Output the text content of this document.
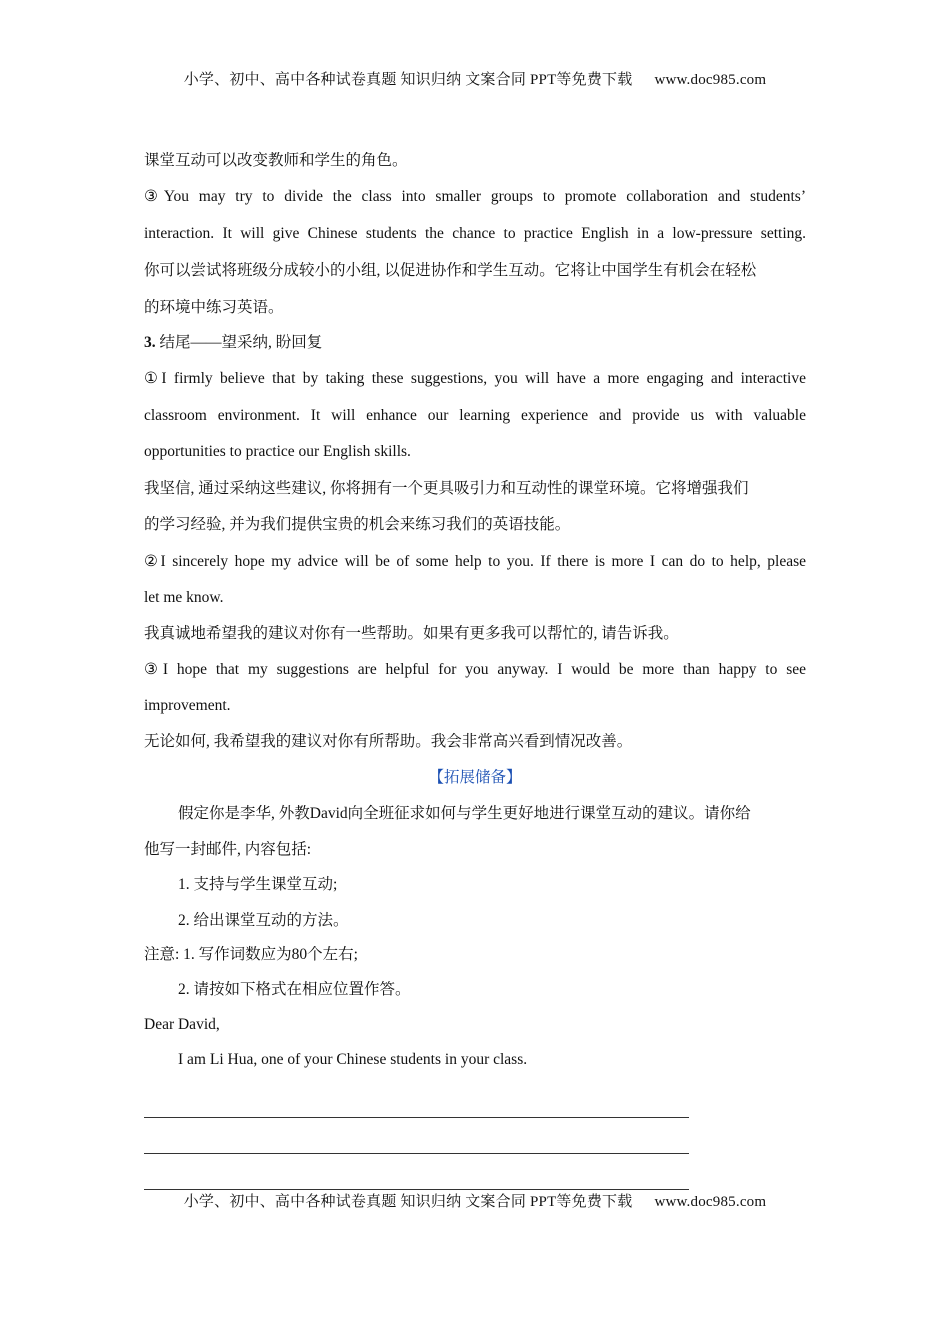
小学、初中、高中各种试卷真题 知识归纳 文案合同 PPT等免费下载 www.doc985.com
课堂互动可以改变教师和学生的角色。
③You may try to divide the class into smaller groups to promote collaboration and students’
interaction. It will give Chinese students the chance to practice English in a low-pressure setting.
你可以尝试将班级分成较小的小组, 以促进协作和学生互动。它将让中国学生有机会在轻松
的环境中练习英语。
3. 结尾——望采纳, 盼回复
①I firmly believe that by taking these suggestions, you will have a more engaging and interactive
classroom environment. It will enhance our learning experience and provide us with valuable
opportunities to practice our English skills.
我坚信, 通过采纳这些建议, 你将拥有一个更具吸引力和互动性的课堂环境。它将增强我们
的学习经验, 并为我们提供宝贵的机会来练习我们的英语技能。
②I sincerely hope my advice will be of some help to you. If there is more I can do to help, please
let me know.
我真诚地希望我的建议对你有一些帮助。如果有更多我可以帮忙的, 请告诉我。
③I hope that my suggestions are helpful for you anyway. I would be more than happy to see
improvement.
无论如何, 我希望我的建议对你有所帮助。我会非常高兴看到情况改善。
【拓展储备】
假定你是李华, 外教David向全班征求如何与学生更好地进行课堂互动的建议。请你给
他写一封邮件, 内容包括:
1. 支持与学生课堂互动;
2. 给出课堂互动的方法。
注意: 1. 写作词数应为80个左右;
2. 请按如下格式在相应位置作答。
Dear David,
I am Li Hua, one of your Chinese students in your class.
小学、初中、高中各种试卷真题 知识归纳 文案合同 PPT等免费下载 www.doc985.com
